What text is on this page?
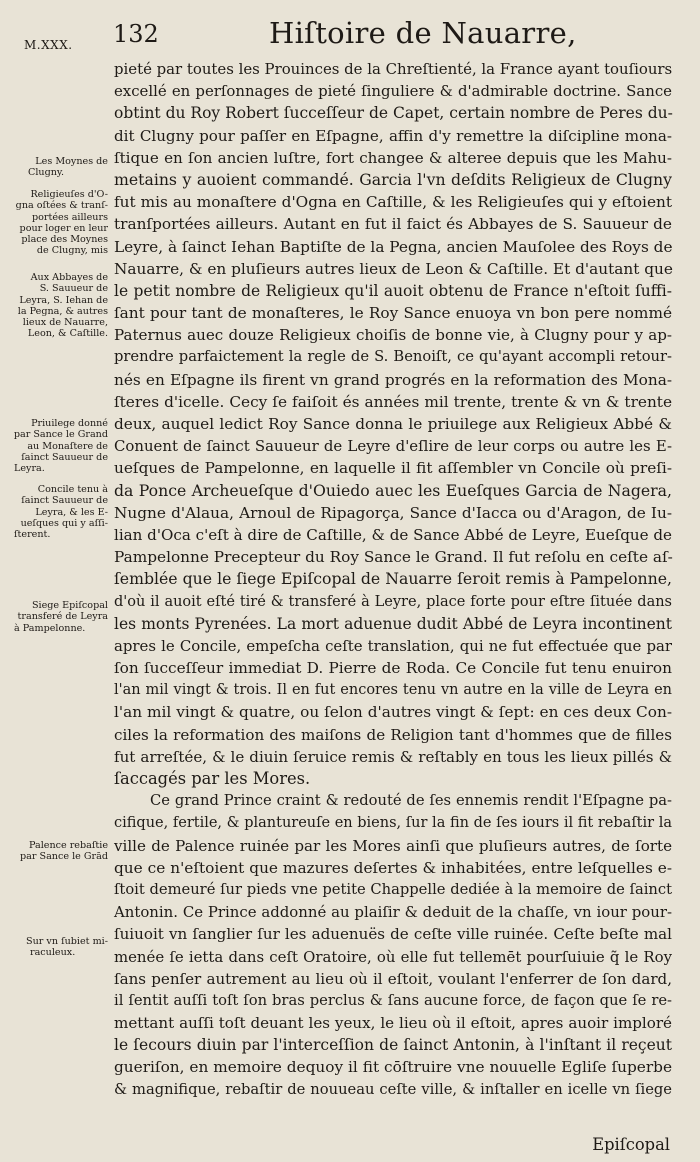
M.XXX. 132	Hiſtoire de Nauarre,
pieté par toutes les Prouinces de la Chreſtienté, la France ayant touſiours
excellé en perſonnages de pieté ſinguliere & d'admirable doctrine. Sance
obtint du Roy Robert ſucceſſeur de Capet, certain nombre de Peres du-
dit Clugny pour paſſer en Eſpagne, affin d'y remettre la diſcipline mona-
ſtique en ſon ancien luſtre, fort changee & alteree depuis que les Mahu-
metains y auoient commandé. Garcia l'vn deſdits Religieux de Clugny
fut mis au monaſtere d'Ogna en Caſtille, & les Religieuſes qui y eſtoient
tranſportées ailleurs. Autant en fut il faict és Abbayes de S. Sauueur de
Leyre, à ſainct Iehan Baptiſte de la Pegna, ancien Mauſolee des Roys de
Nauarre, & en pluſieurs autres lieux de Leon & Caſtille. Et d'autant que
le petit nombre de Religieux qu'il auoit obtenu de France n'eſtoit ſuffi-
ſant pour tant de monaſteres, le Roy Sance enuoya vn bon pere nommé
Paternus auec douze Religieux choiſis de bonne vie, à Clugny pour y ap-
prendre parfaictement la regle de S. Benoiſt, ce qu'ayant accompli retour-
nés en Eſpagne ils firent vn grand progrés en la reformation des Mona-
ſteres d'icelle. Cecy ſe faiſoit és années mil trente, trente & vn & trente
deux, auquel ledict Roy Sance donna le priuilege aux Religieux Abbé &
Conuent de ſainct Sauueur de Leyre d'eſlire de leur corps ou autre les E-
ueſques de Pampelonne, en laquelle il fit aſſembler vn Concile où preſi-
da Ponce Archeueſque d'Ouiedo auec les Eueſques Garcia de Nagera,
Nugne d'Alaua, Arnoul de Ripagorça, Sance d'Iacca ou d'Aragon, de Iu-
lian d'Oca c'eſt à dire de Caſtille, & de Sance Abbé de Leyre, Eueſque de
Pampelonne Precepteur du Roy Sance le Grand. Il fut reſolu en ceſte aſ-
ſemblée que le ſiege Epiſcopal de Nauarre ſeroit remis à Pampelonne,
d'où il auoit eſté tiré & transferé à Leyre, place forte pour eſtre ſituée dans
les monts Pyrenées. La mort aduenue dudit Abbé de Leyra incontinent
apres le Concile, empeſcha ceſte translation, qui ne fut effectuée que par
ſon ſucceſſeur immediat D. Pierre de Roda. Ce Concile fut tenu enuiron
l'an mil vingt & trois. Il en fut encores tenu vn autre en la ville de Leyra en
l'an mil vingt & quatre, ou ſelon d'autres vingt & ſept: en ces deux Con-
ciles la reformation des maiſons de Religion tant d'hommes que de filles
fut arreſtée, & le diuin ſeruice remis & reſtably en tous les lieux pillés &
ſaccagés par les Mores.
Ce grand Prince craint & redouté de ſes ennemis rendit l'Eſpagne pa-
cifique, fertile, & plantureuſe en biens, ſur la fin de ſes iours il fit rebaſtir la
ville de Palence ruinée par les Mores ainſi que pluſieurs autres, de ſorte
que ce n'eſtoient que mazures deſertes & inhabitées, entre leſquelles e-
ſtoit demeuré ſur pieds vne petite Chappelle dediée à la memoire de ſainct
Antonin. Ce Prince addonné au plaiſir & deduit de la chaſſe, vn iour pour-
ſuiuoit vn ſanglier ſur les aduenuës de ceſte ville ruinée. Ceſte beſte mal
menée ſe ietta dans ceſt Oratoire, où elle fut tellemēt pourſuiuie q̃ le Roy
ſans penſer autrement au lieu où il eſtoit, voulant l'enferrer de ſon dard,
il ſentit auſſi toſt ſon bras perclus & ſans aucune force, de façon que ſe re-
mettant auſſi toſt deuant les yeux, le lieu où il eſtoit, apres auoir imploré
le ſecours diuin par l'interceſſion de ſainct Antonin, à l'inſtant il reçeut
gueriſon, en memoire dequoy il fit cōſtruire vne nouuelle Egliſe ſuperbe
& magnifique, rebaſtir de nouueau ceſte ville, & inſtaller en icelle vn ſiege
Les Moynes de
Clugny.
Religieuſes d'O-
gna oſtées & tranſ-
portées ailleurs
pour loger en leur
place des Moynes
de Clugny, mis
Aux Abbayes de
S. Sauueur de
Leyra, S. Iehan de
la Pegna, & autres
lieux de Nauarre,
Leon, & Caſtille.
Priuilege donné
par Sance le Grand
au Monaſtere de
ſainct Sauueur de
Leyra.
Concile tenu à
ſainct Sauueur de
Leyra, & les E-
ueſques qui y aſſi-
ſterent.
Siege Epiſcopal
transferé de Leyra
à Pampelonne.
Palence rebaſtie
par Sance le Grād
Sur vn ſubiet mi-
raculeux.
Epiſcopal
